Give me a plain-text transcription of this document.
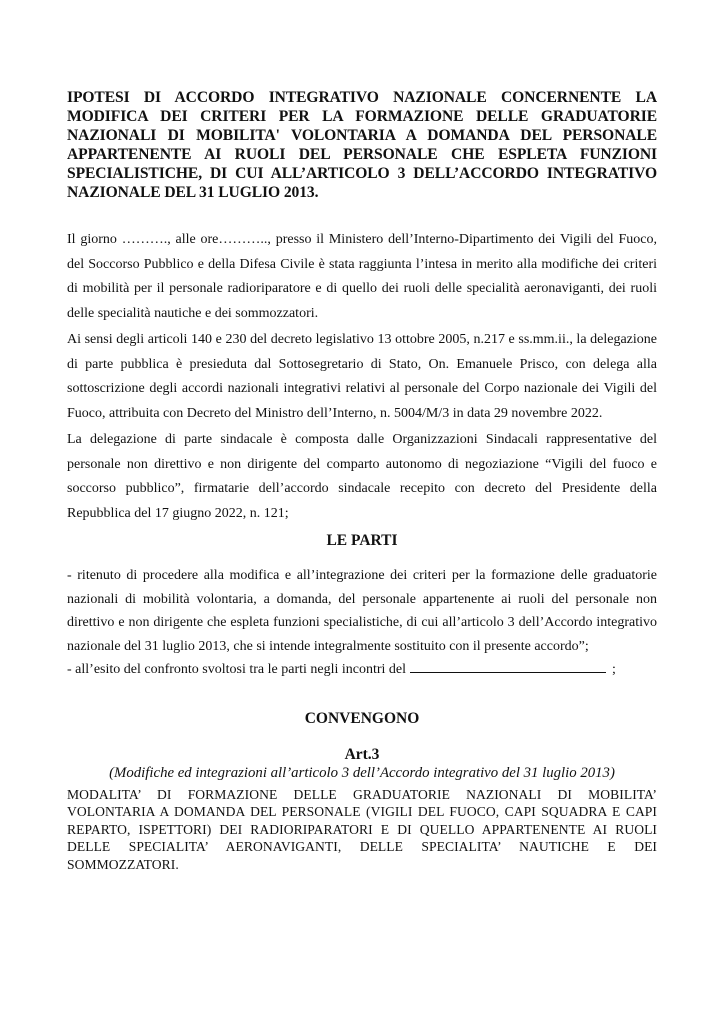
IPOTESI DI ACCORDO INTEGRATIVO NAZIONALE CONCERNENTE LA MODIFICA DEI CRITERI PER LA FORMAZIONE DELLE GRADUATORIE NAZIONALI DI MOBILITA' VOLONTARIA A DOMANDA DEL PERSONALE APPARTENENTE AI RUOLI DEL PERSONALE CHE ESPLETA FUNZIONI SPECIALISTICHE, DI CUI ALL’ARTICOLO 3 DELL’ACCORDO INTEGRATIVO NAZIONALE DEL 31 LUGLIO 2013.

Il giorno ………., alle ore……….., presso il Ministero dell’Interno-Dipartimento dei Vigili del Fuoco, del Soccorso Pubblico e della Difesa Civile è stata raggiunta l’intesa in merito alla modifiche dei criteri di mobilità per il personale radioriparatore e di quello dei ruoli delle specialità aeronaviganti, dei ruoli delle specialità nautiche e dei sommozzatori.

Ai sensi degli articoli 140 e 230 del decreto legislativo 13 ottobre 2005, n.217 e ss.mm.ii., la delegazione di parte pubblica è presieduta dal Sottosegretario di Stato, On. Emanuele Prisco, con delega alla sottoscrizione degli accordi nazionali integrativi relativi al personale del Corpo nazionale dei Vigili del Fuoco, attribuita con Decreto del Ministro dell’Interno, n. 5004/M/3 in data 29 novembre 2022.

La delegazione di parte sindacale è composta dalle Organizzazioni Sindacali rappresentative del personale non direttivo e non dirigente del comparto autonomo di negoziazione “Vigili del fuoco e soccorso pubblico”, firmatarie dell’accordo sindacale recepito con decreto del Presidente della Repubblica del 17 giugno 2022, n. 121;

LE PARTI

- ritenuto di procedere alla modifica e all’integrazione dei criteri per la formazione delle graduatorie nazionali di mobilità volontaria, a domanda, del personale appartenente ai ruoli del personale non direttivo e non dirigente che espleta funzioni specialistiche, di cui all’articolo 3 dell’Accordo integrativo nazionale del 31 luglio 2013, che si intende integralmente sostituito con il presente accordo”;

- all’esito del confronto svoltosi tra le parti negli incontri del	;

CONVENGONO

Art.3

(Modifiche ed integrazioni all’articolo 3 dell’Accordo integrativo del 31 luglio 2013)

MODALITA’ DI FORMAZIONE DELLE GRADUATORIE NAZIONALI DI MOBILITA’ VOLONTARIA A DOMANDA DEL PERSONALE (VIGILI DEL FUOCO, CAPI SQUADRA E CAPI REPARTO, ISPETTORI) DEI RADIORIPARATORI E DI QUELLO APPARTENENTE AI RUOLI DELLE SPECIALITA’ AERONAVIGANTI, DELLE SPECIALITA’ NAUTICHE E DEI SOMMOZZATORI.
